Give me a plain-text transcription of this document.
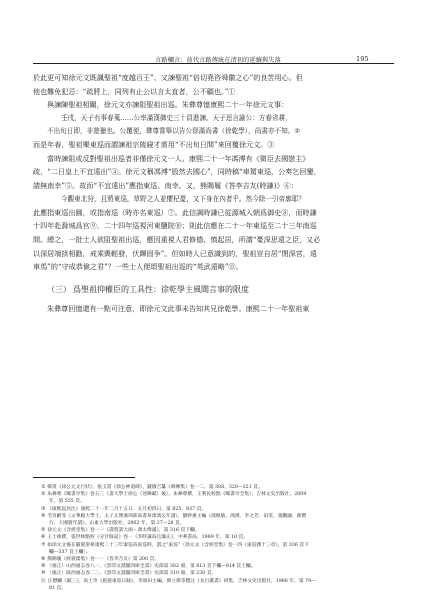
言路欄言：前代言路傳統在清初的延續與失落	195

於此更可知徐元文既諷聖祖“度越百王”、又諫聖祖“倍切堯咨舜徽之心”的良苦用心。但

他也難免犯忌：“疏將上，同列有止公以言太直者，公不顧也。”①

與諫陳聖祖相關，徐元文亦諫阻聖祖出巡。朱彝尊憶康熙二十一年徐元文事：

壬戌，天子有事春蒐……公率滿漢御史三十員進諫。天子逕言諭公：方春省耕，

不出旬日即，非遊獵也。公覆便，彝尊嘗舉以告公督滿尚書（徐乾學），尚書亦不知。②

而是年春，聖祖樂東巡而謂諫祖宗陵寢才需用“不出旬日間”來回覆徐元文。③

當時諫阻或反對聖祖出巡者非僅徐元文一人。康熙二十一年馮溥有《微臣去國戀主》

疏，“二日皇上不宜遠出”④。徐元文稱馮溥“股然去國心”，同時稿“車駕東巡，公奏乞回鑾，

請無南幸”⑤。故而“不宜遠出”應指東巡、南幸。又，熊賜履《答李吉友(時謙)》⑥：

今觀東北狩，且將東巡，草野之人並懼杞憂，又下身在內者乎。然今除一引帝廓耶？

此應指東巡出圓，或指南巡（時亦名東巡）⑦。此信調時謙已從源城入朝爲御史⑧，而時謙

十四年赴滁城爲官⑨，二十四年巡視河東鹽院⑩；則此信應在二十一年東巡至二十三年南巡

間。總之，一批士人欲阻聖祖出巡，應因重視人君修德、慎起居，所謂“憂深思遠之臣，又必

以深居端拱相勸，戒乘輿輕發，伏蹕固争”。但如時人已意識到的，聖祖豈自居“閉深宮，遠

車馬”的“守成恭儉之君”？一些士人便頌聖祖出巡的“英武遠略”⑪。

（三） 爲聖祖抑權臣的工具性：徐乾學主風聞言事的限度

朱彝尊回憶還有一點可注意，即徐元文此事未告知其兄徐乾學。康熙二十一年聖祖東

① 韓菼《徐公元文行狀》，張玉書《徐公神道碑》，錢儀吉纂《碑傳集》卷一二，第 308、320—321 頁。
② 朱彝尊《曝書亭集》卷五三《書大學士徐公（述暉賦）後》，朱彝尊撰，王利民校點《曝書亭全集》，吉林文史出版社，2009
年，第 555 頁。
③ 《康熙起居注》康熙二十一年二月十五日、五月初四日，第 825、837 頁。
④ 毛奇齡等《文華殿大學士、太子太傅兼刑部尚書易齋馮公年譜》，劉幹惠主編《馮煥敏、馮溥、李之芳、田雯、張鵬翮、郝懋
行、王國賢年譜》，山東大學出版社，2002 年，第 27—28 頁。
⑤ 徐元文《含經堂集》卷一一《壽賀訓大兩・馮太傅滿》，第 316 頁下欄。
⑥ 王士禎撰，張世林點校《分甘餘話》卷一《李時謙爲官廉正》，中華書局，1989 年，第 10 頁。
⑦ 如徐元文後在隨駕聖祖康熙二十三年秦巡爲南巡時，謂之“東巡”（徐元文《含經堂集》卷一四《東巡雜十三章》，第 336 頁下
欄—337 頁上欄）。
⑧ 熊賜履《經義齋集》卷一一《答李吉友》第 200 頁。
⑨ （雍正）山西通志卷八一，《景印文淵閣四庫全書》史部第 302 冊，第 813 頁下欄—814 頁上欄。
⑩ （雍正）陝西通志卷二三，《景印文淵閣四庫全書》史部第 310 冊，第 230 頁。
⑪ 汪懋麟《賦三》，高士奇《扈從東巡日録》，李澍田主編，鄧立偉等標注《長白叢書》初集，吉林文史出版社，1986 年，第 79—
81 頁。
